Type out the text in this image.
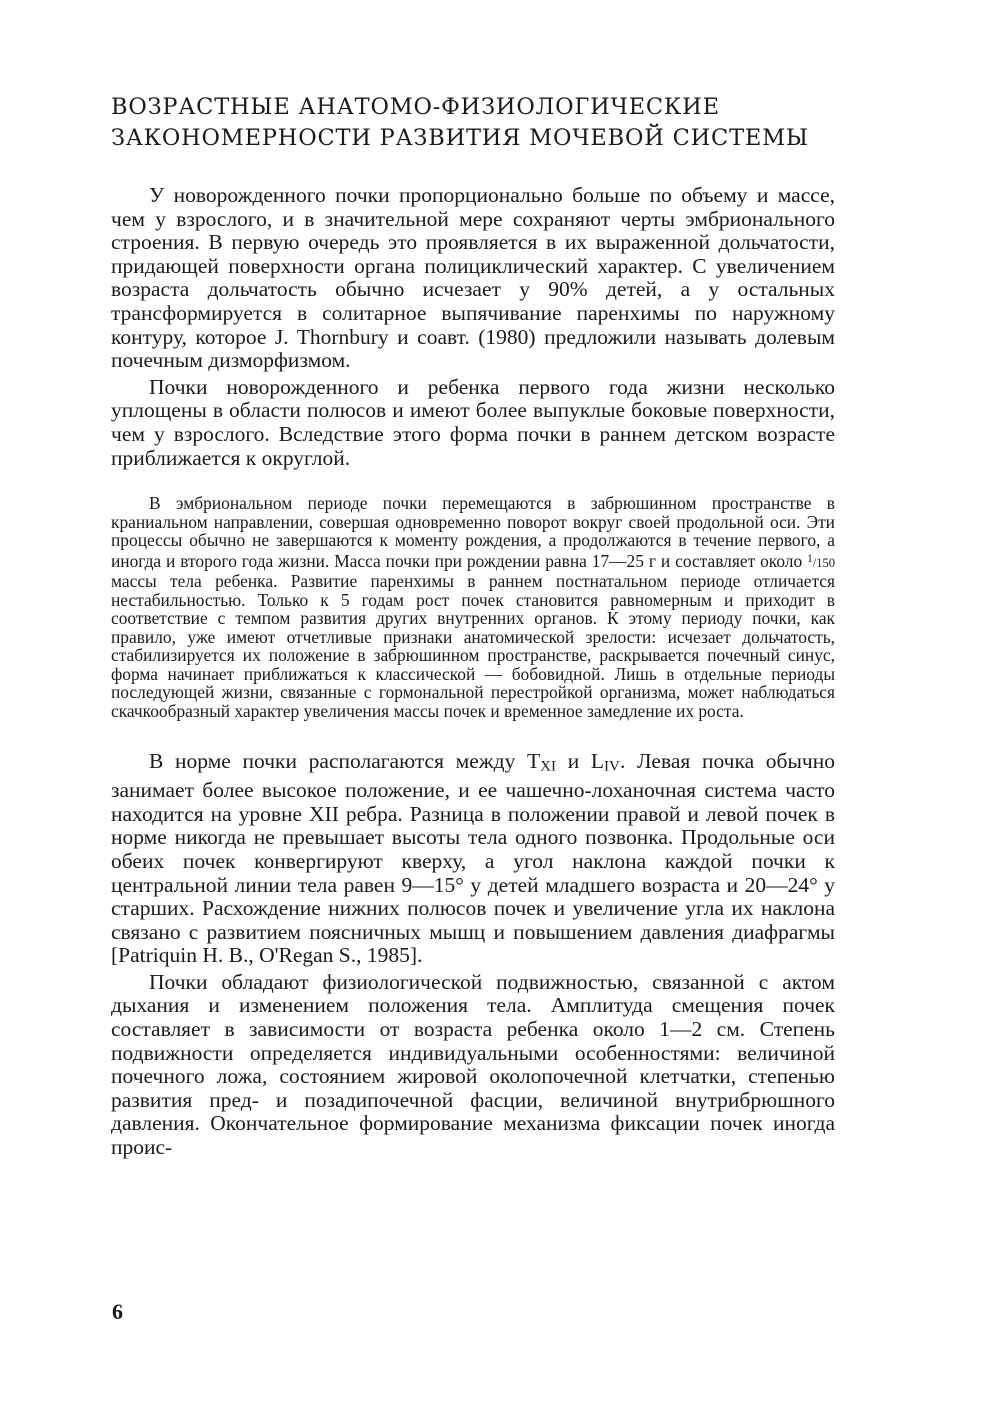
ВОЗРАСТНЫЕ АНАТОМО-ФИЗИОЛОГИЧЕСКИЕ
ЗАКОНОМЕРНОСТИ РАЗВИТИЯ МОЧЕВОЙ СИСТЕМЫ

У новорожденного почки пропорционально больше по объему и массе, чем у взрослого, и в значительной мере сохраняют черты эмбрионального строения. В первую очередь это проявляется в их выраженной дольчатости, придающей поверхности органа полициклический характер. С увеличением возраста дольчатость обычно исчезает у 90% детей, а у остальных трансформируется в солитарное выпячивание паренхимы по наружному контуру, которое J. Thornbury и соавт. (1980) предложили называть долевым почечным дизморфизмом.

Почки новорожденного и ребенка первого года жизни несколько уплощены в области полюсов и имеют более выпуклые боковые поверхности, чем у взрослого. Вследствие этого форма почки в раннем детском возрасте приближается к округлой.

В эмбриональном периоде почки перемещаются в забрюшинном пространстве в краниальном направлении, совершая одновременно поворот вокруг своей продольной оси. Эти процессы обычно не завершаются к моменту рождения, а продолжаются в течение первого, а иногда и второго года жизни. Масса почки при рождении равна 17—25 г и составляет около $^1$/150 массы тела ребенка. Развитие паренхимы в раннем постнатальном периоде отличается нестабильностью. Только к 5 годам рост почек становится равномерным и приходит в соответствие с темпом развития других внутренних органов. К этому периоду почки, как правило, уже имеют отчетливые признаки анатомической зрелости: исчезает дольчатость, стабилизируется их положение в забрюшинном пространстве, раскрывается почечный синус, форма начинает приближаться к классической — бобовидной. Лишь в отдельные периоды последующей жизни, связанные с гормональной перестройкой организма, может наблюдаться скачкообразный характер увеличения массы почек и временное замедление их роста.

В норме почки располагаются между TXI и LIV. Левая почка обычно занимает более высокое положение, и ее чашечно-лоханочная система часто находится на уровне XII ребра. Разница в положении правой и левой почек в норме никогда не превышает высоты тела одного позвонка. Продольные оси обеих почек конвергируют кверху, а угол наклона каждой почки к центральной линии тела равен 9—15° у детей младшего возраста и 20—24° у старших. Расхождение нижних полюсов почек и увеличение угла их наклона связано с развитием поясничных мышц и повышением давления диафрагмы [Patriquin H. B., O'Regan S., 1985].

Почки обладают физиологической подвижностью, связанной с актом дыхания и изменением положения тела. Амплитуда смещения почек составляет в зависимости от возраста ребенка около 1—2 см. Степень подвижности определяется индивидуальными особенностями: величиной почечного ложа, состоянием жировой околопочечной клетчатки, степенью развития пред- и позадипочечной фасции, величиной внутрибрюшного давления. Окончательное формирование механизма фиксации почек иногда проис-

6
